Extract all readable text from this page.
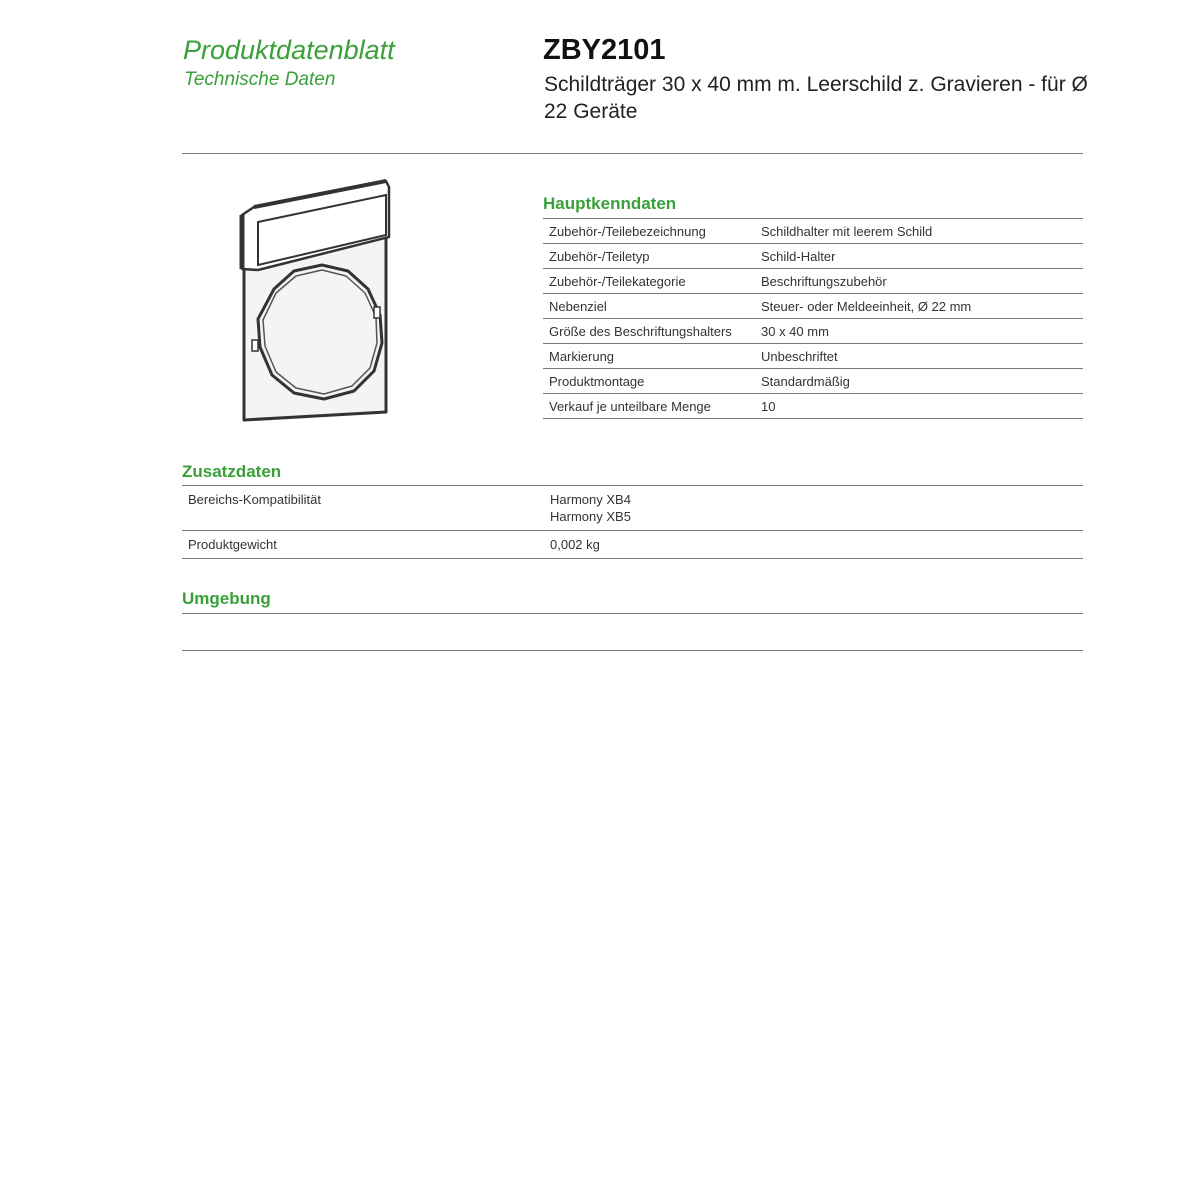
Produktdatenblatt
Technische Daten
ZBY2101
Schildträger 30 x 40 mm m. Leerschild z. Gravieren - für Ø 22 Geräte
Hauptkenndaten
Zubehör-/Teilebezeichnung	Schildhalter mit leerem Schild
Zubehör-/Teiletyp	Schild-Halter
Zubehör-/Teilekategorie	Beschriftungszubehör
Nebenziel	Steuer- oder Meldeeinheit, Ø 22 mm
Größe des Beschriftungshalters	30 x 40 mm
Markierung	Unbeschriftet
Produktmontage	Standardmäßig
Verkauf je unteilbare Menge	10
Zusatzdaten
Bereichs-Kompatibilität	Harmony XB4
Harmony XB5

Produktgewicht	0,002 kg
Umgebung
